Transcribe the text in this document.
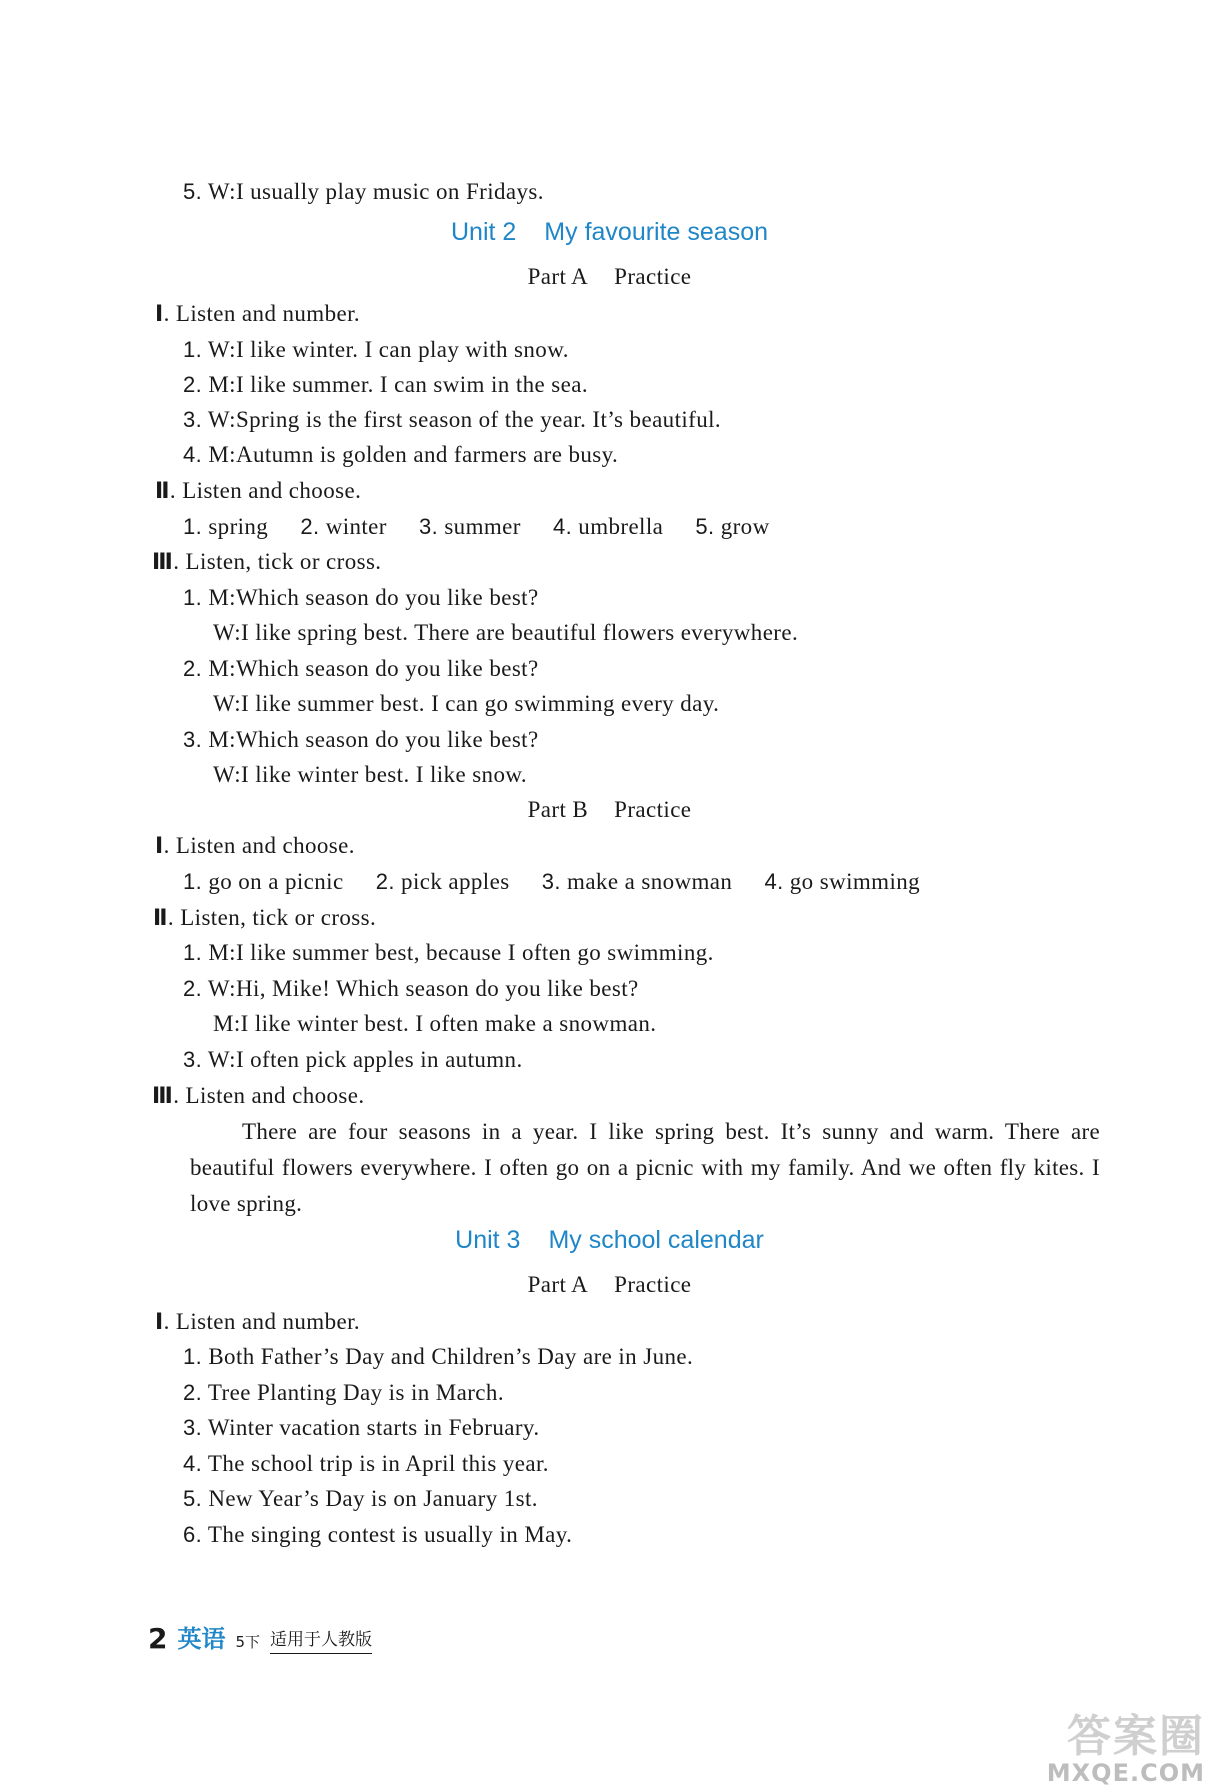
5. W:I usually play music on Fridays.
Unit 2 My favourite season
Part A Practice
Ⅰ. Listen and number.
1. W:I like winter. I can play with snow.
2. M:I like summer. I can swim in the sea.
3. W:Spring is the first season of the year. It’s beautiful.
4. M:Autumn is golden and farmers are busy.
Ⅱ. Listen and choose.
1. spring 2. winter 3. summer 4. umbrella 5. grow
Ⅲ. Listen, tick or cross.
1. M:Which season do you like best?
W:I like spring best. There are beautiful flowers everywhere.
2. M:Which season do you like best?
W:I like summer best. I can go swimming every day.
3. M:Which season do you like best?
W:I like winter best. I like snow.
Part B Practice
Ⅰ. Listen and choose.
1. go on a picnic 2. pick apples 3. make a snowman 4. go swimming
Ⅱ. Listen, tick or cross.
1. M:I like summer best, because I often go swimming.
2. W:Hi, Mike! Which season do you like best?
M:I like winter best. I often make a snowman.
3. W:I often pick apples in autumn.
Ⅲ. Listen and choose.
There are four seasons in a year. I like spring best. It’s sunny and warm. There are beautiful flowers everywhere. I often go on a picnic with my family. And we often fly kites. I love spring.
Unit 3 My school calendar
Part A Practice
Ⅰ. Listen and number.
1. Both Father’s Day and Children’s Day are in June.
2. Tree Planting Day is in March.
3. Winter vacation starts in February.
4. The school trip is in April this year.
5. New Year’s Day is on January 1st.
6. The singing contest is usually in May.
2 英语 5下 适用于人教版
答案圈
MXQE.COM
